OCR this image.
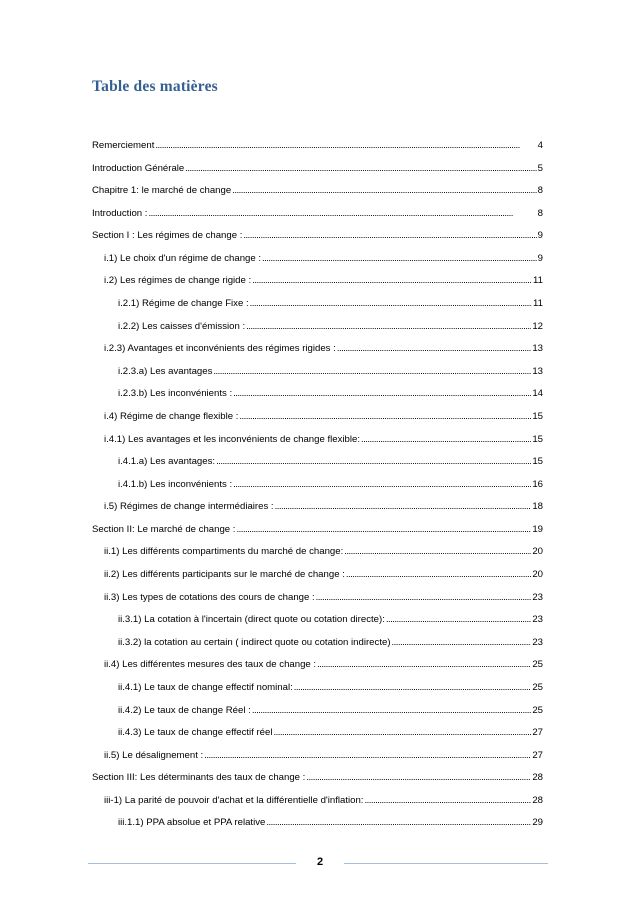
Table des matières
Remerciement . . .	4
Introduction Générale . . .	5
Chapitre 1: le marché de change . . .	8
Introduction : . . .	8
Section I : Les régimes de change : . . .	9
i.1) Le choix d'un régime de change : . . .	9
i.2) Les régimes de change rigide : . . .	11
i.2.1) Régime de change Fixe : . . .	11
i.2.2) Les caisses d'émission : . . .	12
i.2.3) Avantages et inconvénients des régimes rigides : . . .	13
i.2.3.a) Les avantages . . .	13
i.2.3.b) Les inconvénients : . . .	14
i.4) Régime de change flexible : . . .	15
i.4.1) Les avantages et les inconvénients de change flexible: . . .	15
i.4.1.a) Les avantages: . . .	15
i.4.1.b) Les inconvénients : . . .	16
i.5) Régimes de change intermédiaires : . . .	18
Section II: Le marché de change : . . .	19
ii.1) Les différents compartiments du marché de change: . . .	20
ii.2) Les différents participants sur le marché de change : . . .	20
ii.3) Les types de cotations des cours de change : . . .	23
ii.3.1) La cotation à l'incertain (direct quote ou cotation directe): . . .	23
ii.3.2) la cotation au certain ( indirect quote ou cotation indirecte) . . .	23
ii.4) Les différentes mesures des taux de change : . . .	25
ii.4.1) Le taux de change effectif nominal: . . .	25
ii.4.2) Le taux de change Réel : . . .	25
ii.4.3) Le taux de change effectif réel . . .	27
ii.5) Le désalignement : . . .	27
Section III: Les déterminants des taux de change : . . .	28
iii-1) La parité de pouvoir d'achat et la différentielle d'inflation: . . .	28
iii.1.1) PPA absolue et PPA relative . . .	29
2
